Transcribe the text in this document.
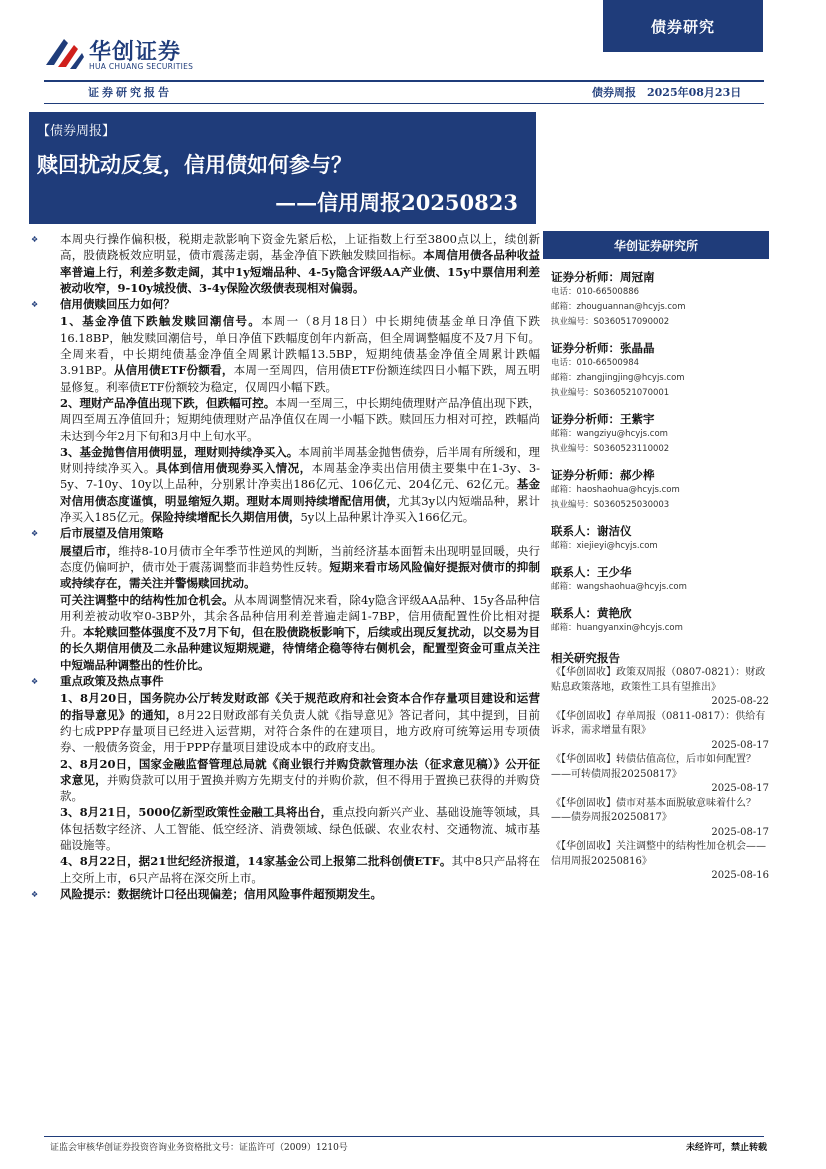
债券研究
华创证券
HUA CHUANG SECURITIES
证券研究报告	债券周报　2025年08月23日
【债券周报】
赎回扰动反复，信用债如何参与？
——信用周报20250823
❖	本周央行操作偏积极，税期走款影响下资金先紧后松，上证指数上行至3800点以上，续创新高，股债跷板效应明显，债市震荡走弱，基金净值下跌触发赎回指标。本周信用债各品种收益率普遍上行，利差多数走阔，其中1y短端品种、4-5y隐含评级AA产业债、15y中票信用利差被动收窄，9-10y城投债、3-4y保险次级债表现相对偏弱。
❖	信用债赎回压力如何？
1、基金净值下跌触发赎回潮信号。本周一（8月18日）中长期纯债基金单日净值下跌16.18BP，触发赎回潮信号，单日净值下跌幅度创年内新高，但全周调整幅度不及7月下旬。全周来看，中长期纯债基金净值全周累计跌幅13.5BP，短期纯债基金净值全周累计跌幅3.91BP。从信用债ETF份额看，本周一至周四，信用债ETF份额连续四日小幅下跌，周五明显修复。利率债ETF份额较为稳定，仅周四小幅下跌。
2、理财产品净值出现下跌，但跌幅可控。本周一至周三，中长期纯债理财产品净值出现下跌，周四至周五净值回升；短期纯债理财产品净值仅在周一小幅下跌。赎回压力相对可控，跌幅尚未达到今年2月下旬和3月中上旬水平。
3、基金抛售信用债明显，理财则持续净买入。本周前半周基金抛售债券，后半周有所缓和，理财则持续净买入。具体到信用债现券买入情况，本周基金净卖出信用债主要集中在1-3y、3-5y、7-10y、10y以上品种，分别累计净卖出186亿元、106亿元、204亿元、62亿元。基金对信用债态度谨慎，明显缩短久期。理财本周则持续增配信用债，尤其3y以内短端品种，累计净买入185亿元。保险持续增配长久期信用债，5y以上品种累计净买入166亿元。
❖	后市展望及信用策略
展望后市，维持8-10月债市全年季节性逆风的判断，当前经济基本面暂未出现明显回暖，央行态度仍偏呵护，债市处于震荡调整而非趋势性反转。短期来看市场风险偏好提振对债市的抑制或持续存在，需关注并警惕赎回扰动。
可关注调整中的结构性加仓机会。从本周调整情况来看，除4y隐含评级AA品种、15y各品种信用利差被动收窄0-3BP外，其余各品种信用利差普遍走阔1-7BP，信用债配置性价比相对提升。本轮赎回整体强度不及7月下旬，但在股债跷板影响下，后续或出现反复扰动，以交易为目的长久期信用债及二永品种建议短期规避，待情绪企稳等待右侧机会，配置型资金可重点关注中短端品种调整出的性价比。
❖	重点政策及热点事件
1、8月20日，国务院办公厅转发财政部《关于规范政府和社会资本合作存量项目建设和运营的指导意见》的通知，8月22日财政部有关负责人就《指导意见》答记者问，其中提到，目前约七成PPP存量项目已经进入运营期，对符合条件的在建项目，地方政府可统筹运用专项债券、一般债务资金，用于PPP存量项目建设成本中的政府支出。
2、8月20日，国家金融监督管理总局就《商业银行并购贷款管理办法（征求意见稿）》公开征求意见，并购贷款可以用于置换并购方先期支付的并购价款，但不得用于置换已获得的并购贷款。
3、8月21日，5000亿新型政策性金融工具将出台，重点投向新兴产业、基础设施等领域，具体包括数字经济、人工智能、低空经济、消费领域、绿色低碳、农业农村、交通物流、城市基础设施等。
4、8月22日，据21世纪经济报道，14家基金公司上报第二批科创债ETF。其中8只产品将在上交所上市，6只产品将在深交所上市。
❖	风险提示：数据统计口径出现偏差；信用风险事件超预期发生。
华创证券研究所
证券分析师：周冠南
电话：010-66500886
邮箱：zhouguannan@hcyjs.com
执业编号：S0360517090002
证券分析师：张晶晶
电话：010-66500984
邮箱：zhangjingjing@hcyjs.com
执业编号：S0360521070001
证券分析师：王紫宇
邮箱：wangziyu@hcyjs.com
执业编号：S0360523110002
证券分析师：郝少桦
邮箱：haoshaohua@hcyjs.com
执业编号：S0360525030003
联系人：谢洁仪
邮箱：xiejieyi@hcyjs.com
联系人：王少华
邮箱：wangshaohua@hcyjs.com
联系人：黄艳欣
邮箱：huangyanxin@hcyjs.com
相关研究报告
《【华创固收】政策双周报（0807-0821）：财政贴息政策落地，政策性工具有望推出》
2025-08-22
《【华创固收】存单周报（0811-0817）：供给有诉求，需求增量有限》
2025-08-17
《【华创固收】转债估值高位，后市如何配置？——可转债周报20250817》
2025-08-17
《【华创固收】债市对基本面脱敏意味着什么？——债券周报20250817》
2025-08-17
《【华创固收】关注调整中的结构性加仓机会——信用周报20250816》
2025-08-16
证监会审核华创证券投资咨询业务资格批文号：证监许可（2009）1210号	未经许可，禁止转载
